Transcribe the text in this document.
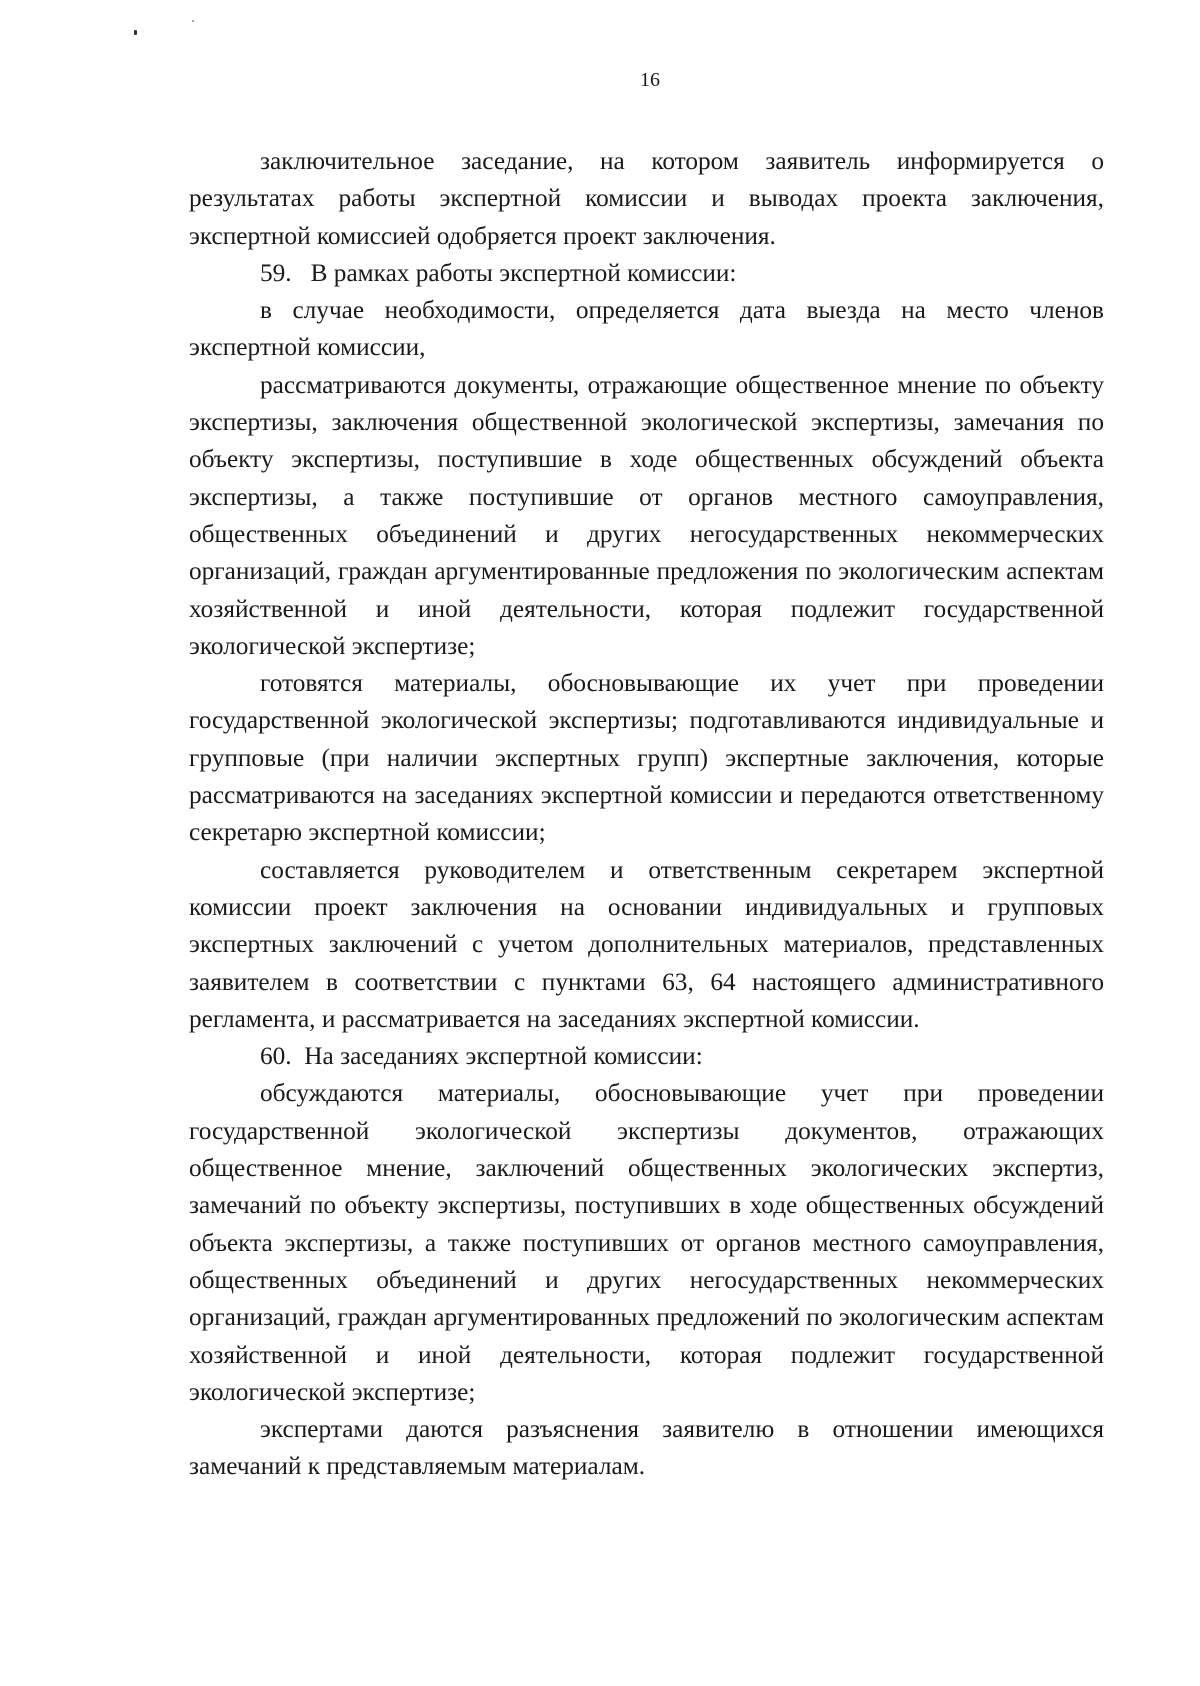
16

заключительное заседание, на котором заявитель информируется о результатах работы экспертной комиссии и выводах проекта заключения, экспертной комиссией одобряется проект заключения.

59.   В рамках работы экспертной комиссии:

в случае необходимости, определяется дата выезда на место членов экспертной комиссии,

рассматриваются документы, отражающие общественное мнение по объекту экспертизы, заключения общественной экологической экспертизы, замечания по объекту экспертизы, поступившие в ходе общественных обсуждений объекта экспертизы, а также поступившие от органов местного самоуправления, общественных объединений и других негосударственных некоммерческих организаций, граждан аргументированные предложения по экологическим аспектам хозяйственной и иной деятельности, которая подлежит государственной экологической экспертизе;

готовятся материалы, обосновывающие их учет при проведении государственной экологической экспертизы; подготавливаются индивидуальные и групповые (при наличии экспертных групп) экспертные заключения, которые рассматриваются на заседаниях экспертной комиссии и передаются ответственному секретарю экспертной комиссии;

составляется руководителем и ответственным секретарем экспертной комиссии проект заключения на основании индивидуальных и групповых экспертных заключений с учетом дополнительных материалов, представленных заявителем в соответствии с пунктами 63, 64 настоящего административного регламента, и рассматривается на заседаниях экспертной комиссии.

60.  На заседаниях экспертной комиссии:

обсуждаются материалы, обосновывающие учет при проведении государственной экологической экспертизы документов, отражающих общественное мнение, заключений общественных экологических экспертиз, замечаний по объекту экспертизы, поступивших в ходе общественных обсуждений объекта экспертизы, а также поступивших от органов местного самоуправления, общественных объединений и других негосударственных некоммерческих организаций, граждан аргументированных предложений по экологическим аспектам хозяйственной и иной деятельности, которая подлежит государственной экологической экспертизе;

экспертами даются разъяснения заявителю в отношении имеющихся замечаний к представляемым материалам.
